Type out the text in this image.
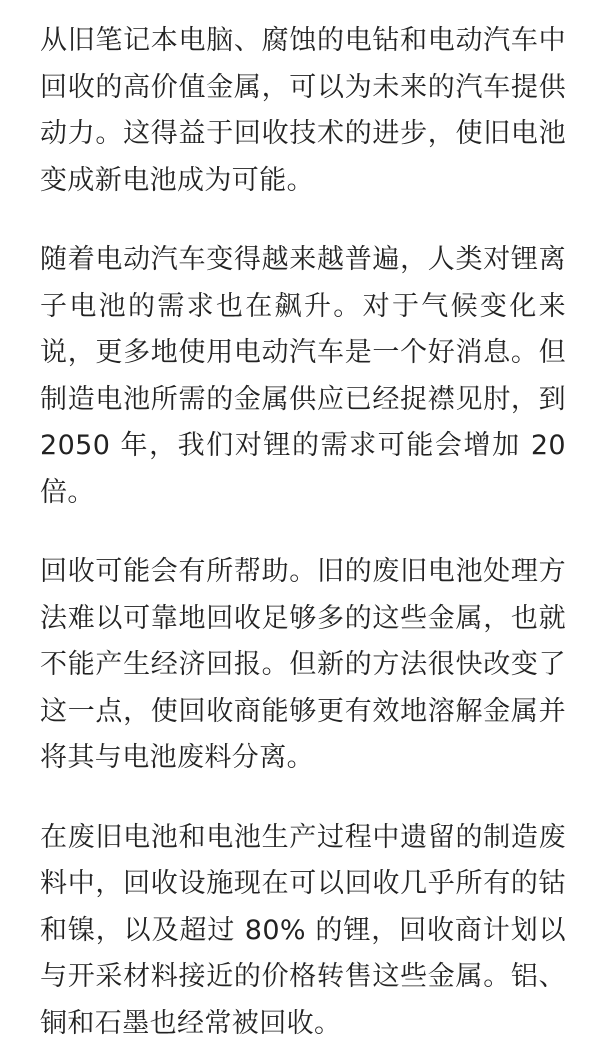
从旧笔记本电脑、腐蚀的电钻和电动汽车中回收的高价值金属，可以为未来的汽车提供动力。这得益于回收技术的进步，使旧电池变成新电池成为可能。

随着电动汽车变得越来越普遍，人类对锂离子电池的需求也在飙升。对于气候变化来说，更多地使用电动汽车是一个好消息。但制造电池所需的金属供应已经捉襟见肘，到 2050 年，我们对锂的需求可能会增加 20 倍。

回收可能会有所帮助。旧的废旧电池处理方法难以可靠地回收足够多的这些金属，也就不能产生经济回报。但新的方法很快改变了这一点，使回收商能够更有效地溶解金属并将其与电池废料分离。

在废旧电池和电池生产过程中遗留的制造废料中，回收设施现在可以回收几乎所有的钴和镍，以及超过 80% 的锂，回收商计划以与开采材料接近的价格转售这些金属。铝、铜和石墨也经常被回收。
